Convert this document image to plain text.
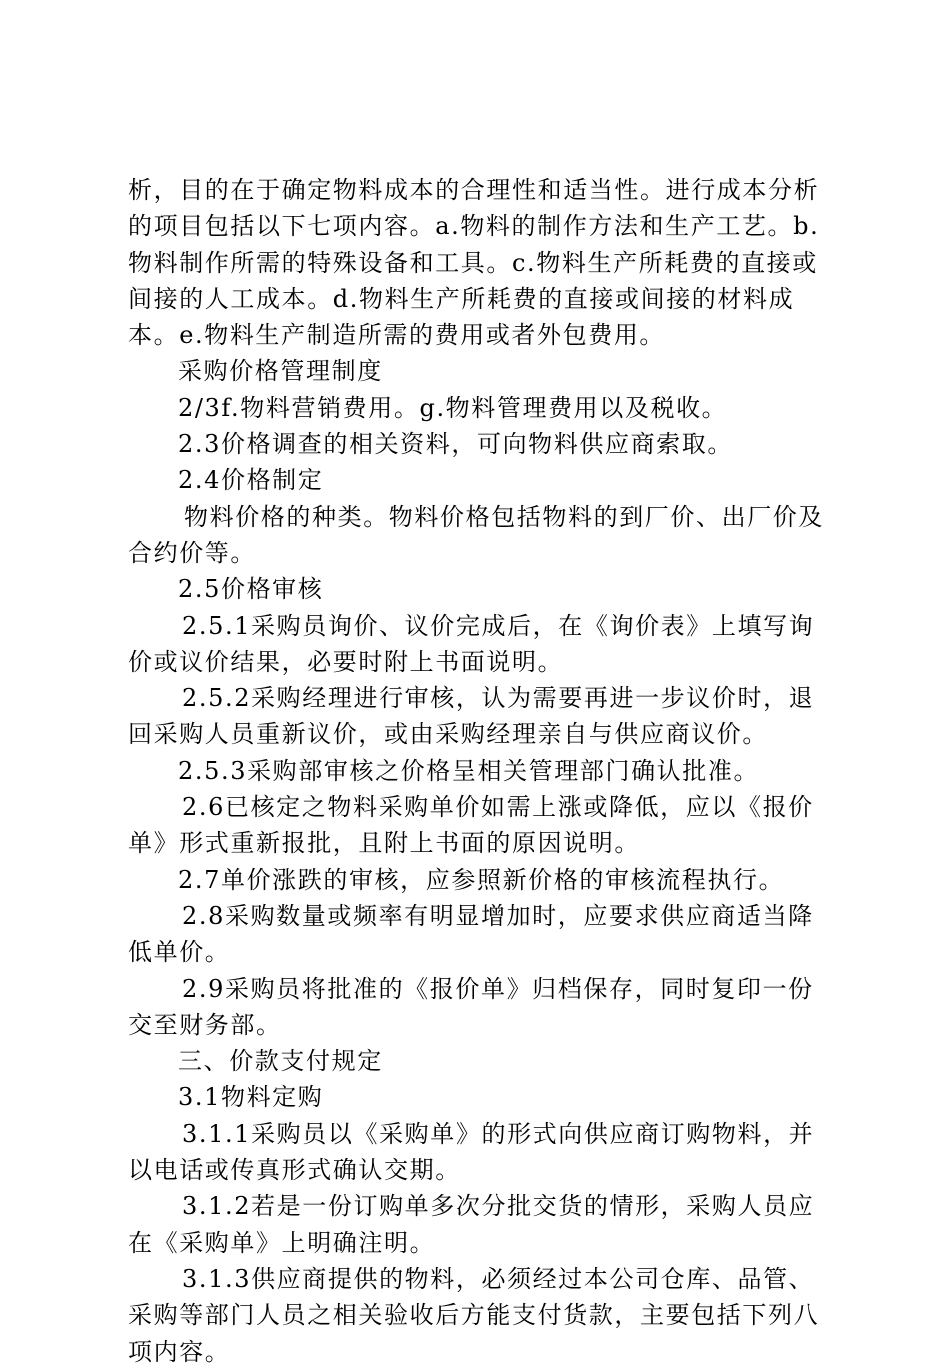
析，目的在于确定物料成本的合理性和适当性。进行成本分析的项目包括以下七项内容。a.物料的制作方法和生产工艺。b.物料制作所需的特殊设备和工具。c.物料生产所耗费的直接或间接的人工成本。d.物料生产所耗费的直接或间接的材料成本。e.物料生产制造所需的费用或者外包费用。

采购价格管理制度

2/3f.物料营销费用。g.物料管理费用以及税收。

2.3价格调查的相关资料，可向物料供应商索取。

2.4价格制定

物料价格的种类。物料价格包括物料的到厂价、出厂价及合约价等。

2.5价格审核

2.5.1采购员询价、议价完成后，在《询价表》上填写询价或议价结果，必要时附上书面说明。

2.5.2采购经理进行审核，认为需要再进一步议价时，退回采购人员重新议价，或由采购经理亲自与供应商议价。

2.5.3采购部审核之价格呈相关管理部门确认批准。

2.6已核定之物料采购单价如需上涨或降低，应以《报价单》形式重新报批，且附上书面的原因说明。

2.7单价涨跌的审核，应参照新价格的审核流程执行。

2.8采购数量或频率有明显增加时，应要求供应商适当降低单价。

2.9采购员将批准的《报价单》归档保存，同时复印一份交至财务部。

三、价款支付规定

3.1物料定购

3.1.1采购员以《采购单》的形式向供应商订购物料，并以电话或传真形式确认交期。

3.1.2若是一份订购单多次分批交货的情形，采购人员应在《采购单》上明确注明。

3.1.3供应商提供的物料，必须经过本公司仓库、品管、采购等部门人员之相关验收后方能支付货款，主要包括下列八项内容。
